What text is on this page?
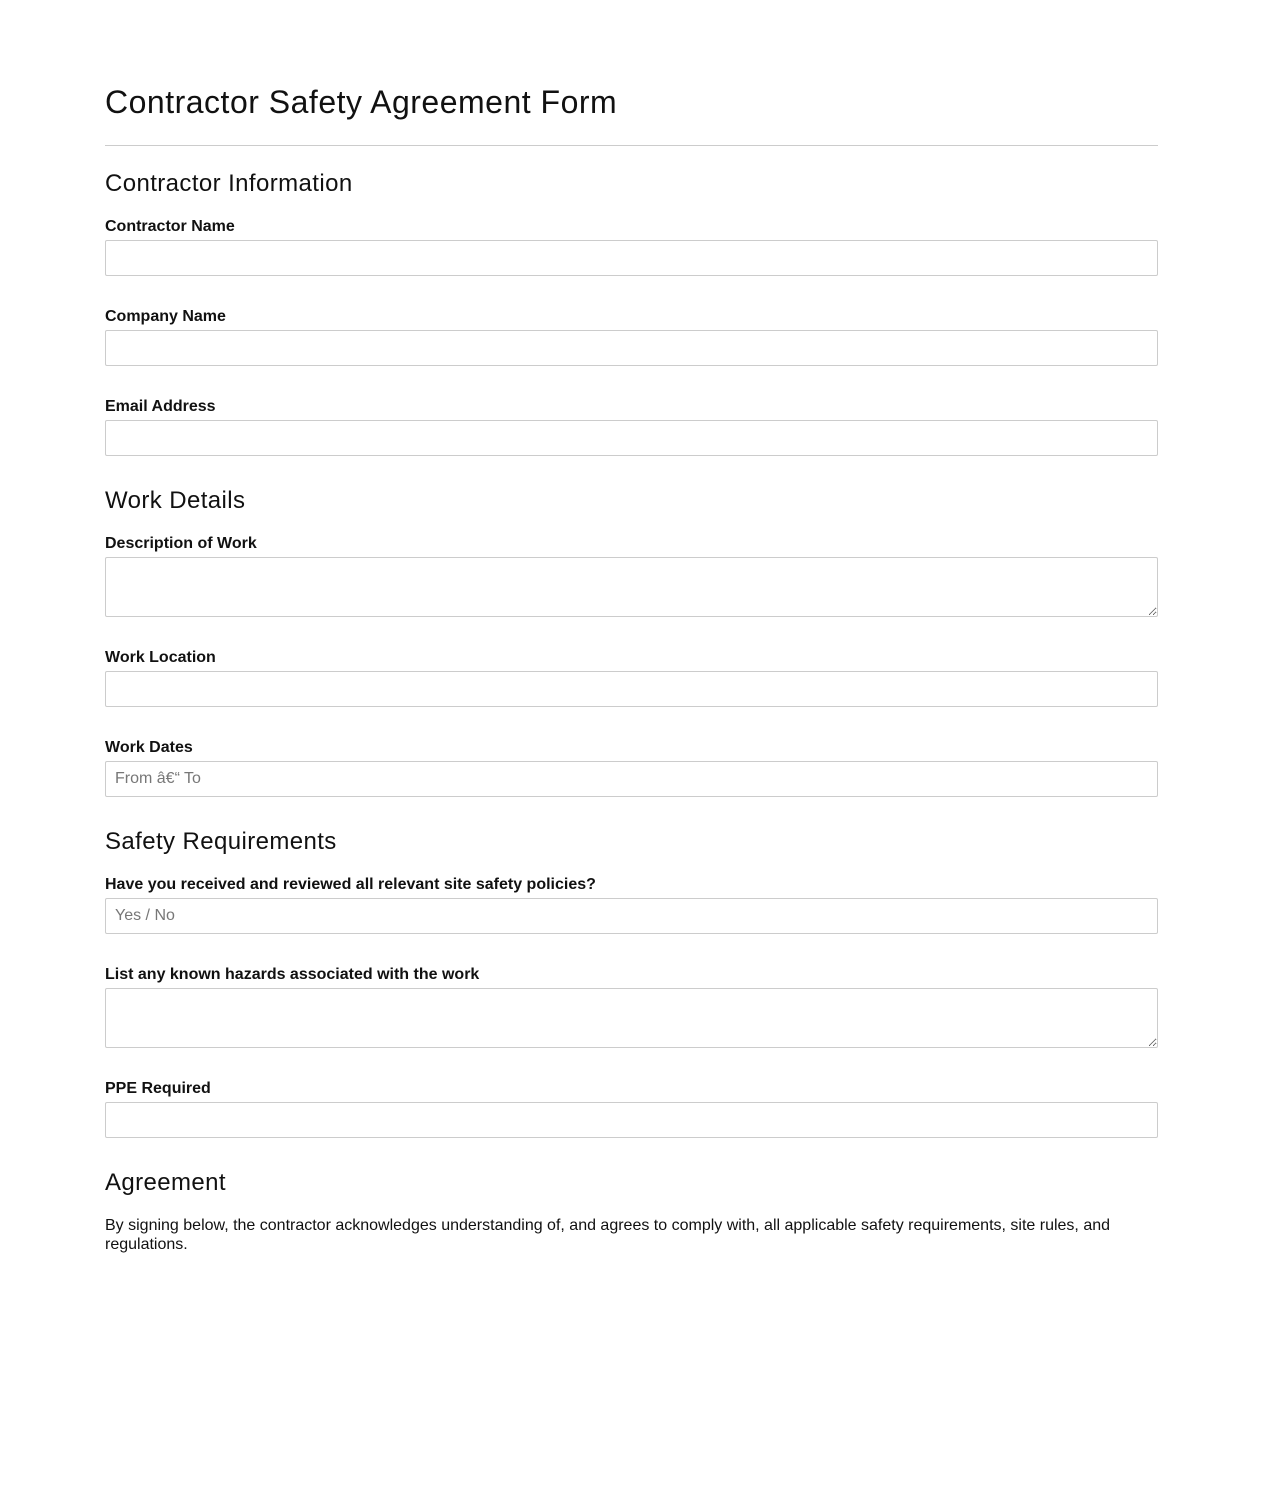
Contractor Safety Agreement Form
Contractor Information
Contractor Name
Company Name
Email Address
Work Details
Description of Work
Work Location
Work Dates
From â€“ To
Safety Requirements
Have you received and reviewed all relevant site safety policies?
Yes / No
List any known hazards associated with the work
PPE Required
Agreement

By signing below, the contractor acknowledges understanding of, and agrees to comply with, all applicable safety requirements, site rules, and regulations.
